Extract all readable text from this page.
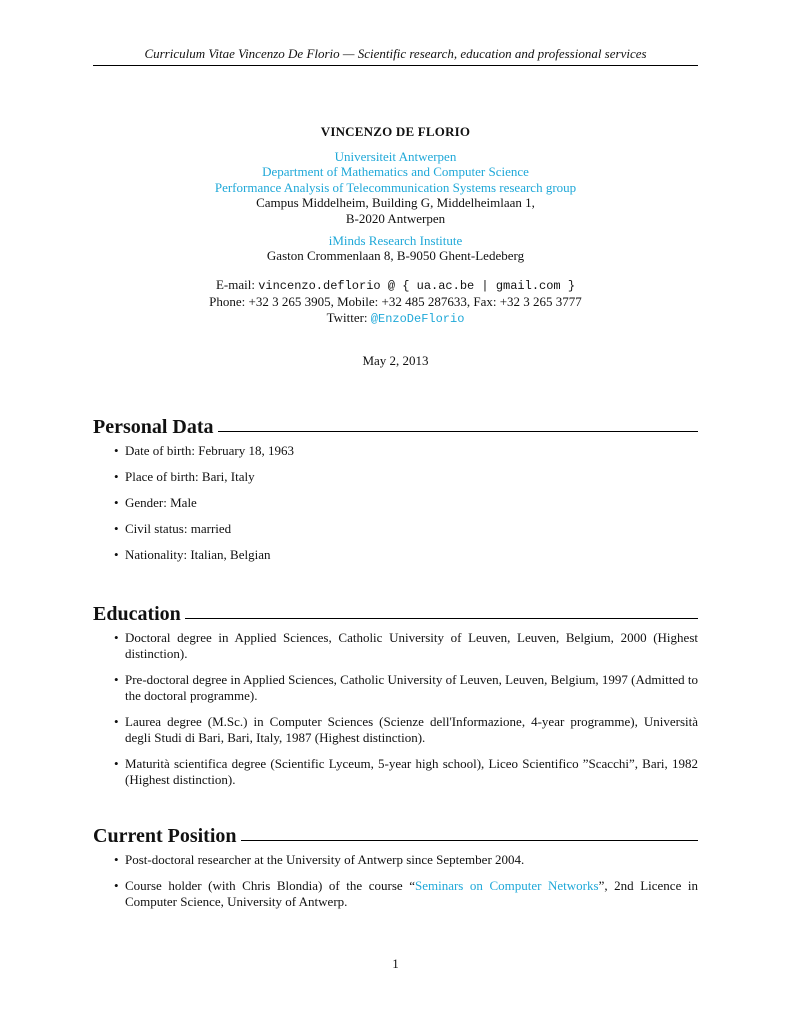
Curriculum Vitae Vincenzo De Florio — Scientific research, education and professional services
VINCENZO DE FLORIO
Universiteit Antwerpen
Department of Mathematics and Computer Science
Performance Analysis of Telecommunication Systems research group
Campus Middelheim, Building G, Middelheimlaan 1,
B-2020 Antwerpen
iMinds Research Institute
Gaston Crommenlaan 8, B-9050 Ghent-Ledeberg
E-mail: vincenzo.deflorio @ { ua.ac.be | gmail.com }
Phone: +32 3 265 3905, Mobile: +32 485 287633, Fax: +32 3 265 3777
Twitter: @EnzoDeFlorio
May 2, 2013
Personal Data
• Date of birth: February 18, 1963
• Place of birth: Bari, Italy
• Gender: Male
• Civil status: married
• Nationality: Italian, Belgian
Education
• Doctoral degree in Applied Sciences, Catholic University of Leuven, Leuven, Belgium, 2000 (Highest distinction).
• Pre-doctoral degree in Applied Sciences, Catholic University of Leuven, Leuven, Belgium, 1997 (Admitted to the doctoral programme).
• Laurea degree (M.Sc.) in Computer Sciences (Scienze dell'Informazione, 4-year programme), Università degli Studi di Bari, Bari, Italy, 1987 (Highest distinction).
• Maturità scientifica degree (Scientific Lyceum, 5-year high school), Liceo Scientifico ”Scacchi”, Bari, 1982 (Highest distinction).
Current Position
• Post-doctoral researcher at the University of Antwerp since September 2004.
• Course holder (with Chris Blondia) of the course “Seminars on Computer Networks”, 2nd Licence in Computer Science, University of Antwerp.
1
